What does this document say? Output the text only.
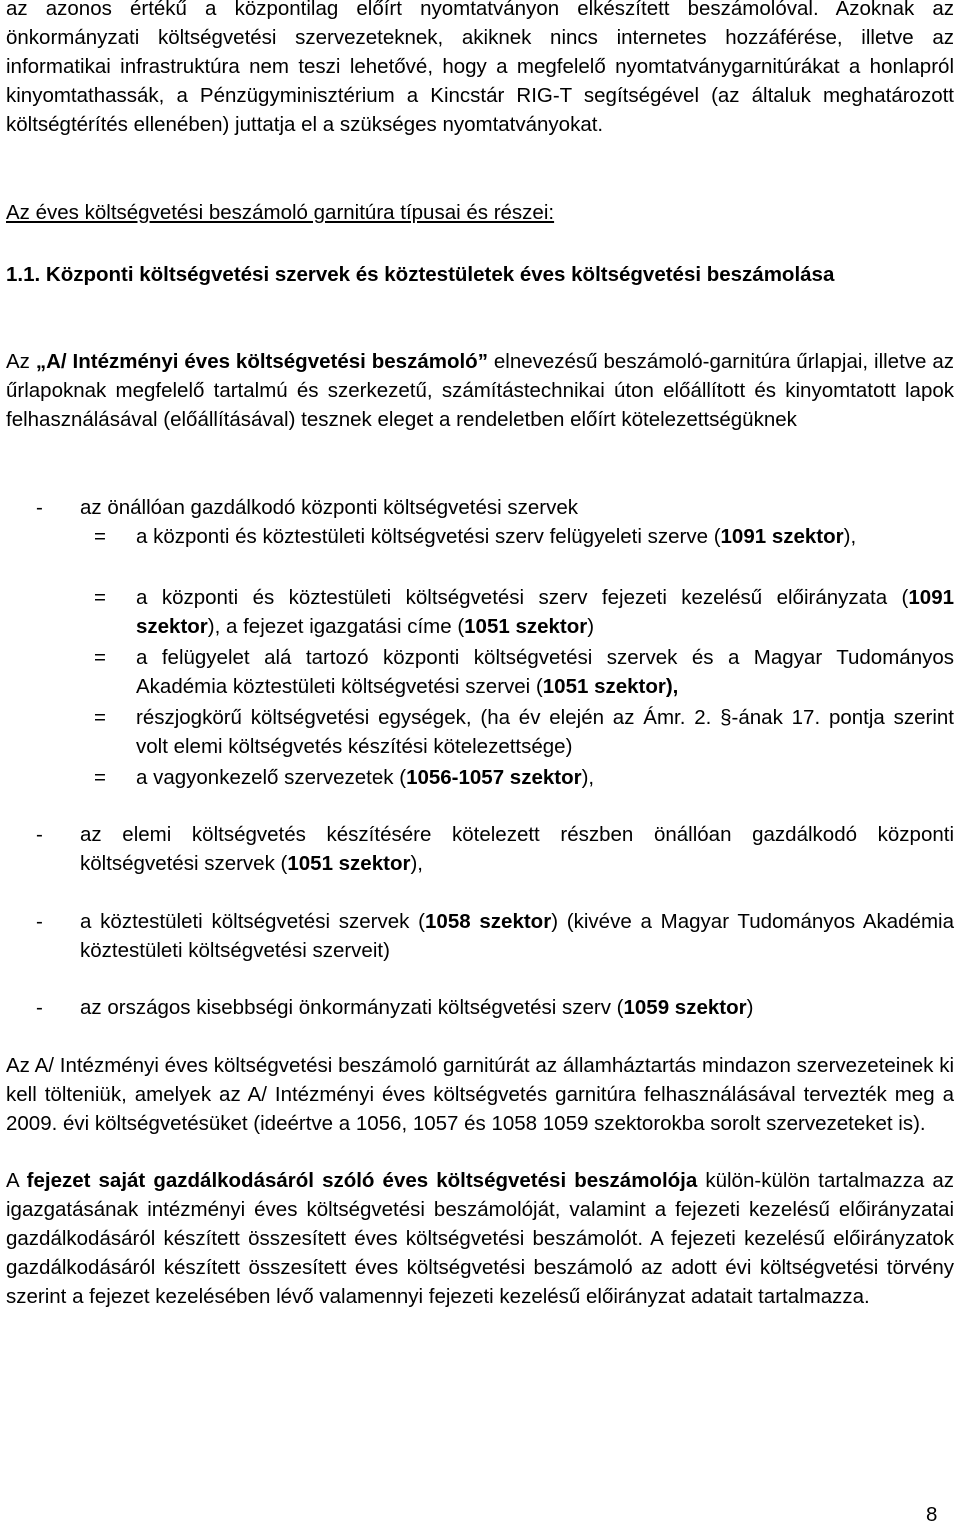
az azonos értékű a központilag előírt nyomtatványon elkészített beszámolóval. Azoknak az önkormányzati költségvetési szervezeteknek, akiknek nincs internetes hozzáférése, illetve az informatikai infrastruktúra nem teszi lehetővé, hogy a megfelelő nyomtatványgarnitúrákat a honlapról kinyomtathassák, a Pénzügyminisztérium a Kincstár RIG-T segítségével (az általuk meghatározott költségtérítés ellenében) juttatja el a szükséges nyomtatványokat.

Az éves költségvetési beszámoló garnitúra típusai és részei:

1.1. Központi költségvetési szervek és köztestületek éves költségvetési beszámolása

Az „A/ Intézményi éves költségvetési beszámoló” elnevezésű beszámoló-garnitúra űrlapjai, illetve az űrlapoknak megfelelő tartalmú és szerkezetű, számítástechnikai úton előállított és kinyomtatott lapok felhasználásával (előállításával) tesznek eleget a rendeletben előírt kötelezettségüknek

- az önállóan gazdálkodó központi költségvetési szervek

= a központi és köztestületi költségvetési szerv felügyeleti szerve (1091 szektor),

= a központi és köztestületi költségvetési szerv fejezeti kezelésű előirányzata (1091 szektor), a fejezet igazgatási címe (1051 szektor)

= a felügyelet alá tartozó központi költségvetési szervek és a Magyar Tudományos Akadémia köztestületi költségvetési szervei (1051 szektor),

= részjogkörű költségvetési egységek, (ha év elején az Ámr. 2. §-ának 17. pontja szerint volt elemi költségvetés készítési kötelezettsége)

= a vagyonkezelő szervezetek (1056-1057 szektor),

- az elemi költségvetés készítésére kötelezett részben önállóan gazdálkodó központi költségvetési szervek (1051 szektor),

- a köztestületi költségvetési szervek (1058 szektor) (kivéve a Magyar Tudományos Akadémia köztestületi költségvetési szerveit)

- az országos kisebbségi önkormányzati költségvetési szerv (1059 szektor)

Az A/ Intézményi éves költségvetési beszámoló garnitúrát az államháztartás mindazon szervezeteinek ki kell tölteniük, amelyek az A/ Intézményi éves költségvetés garnitúra felhasználásával tervezték meg a 2009. évi költségvetésüket (ideértve a 1056, 1057 és 1058 1059 szektorokba sorolt szervezeteket is).

A fejezet saját gazdálkodásáról szóló éves költségvetési beszámolója külön-külön tartalmazza az igazgatásának intézményi éves költségvetési beszámolóját, valamint a fejezeti kezelésű előirányzatai gazdálkodásáról készített összesített éves költségvetési beszámolót. A fejezeti kezelésű előirányzatok gazdálkodásáról készített összesített éves költségvetési beszámoló az adott évi költségvetési törvény szerint a fejezet kezelésében lévő valamennyi fejezeti kezelésű előirányzat adatait tartalmazza.

8
